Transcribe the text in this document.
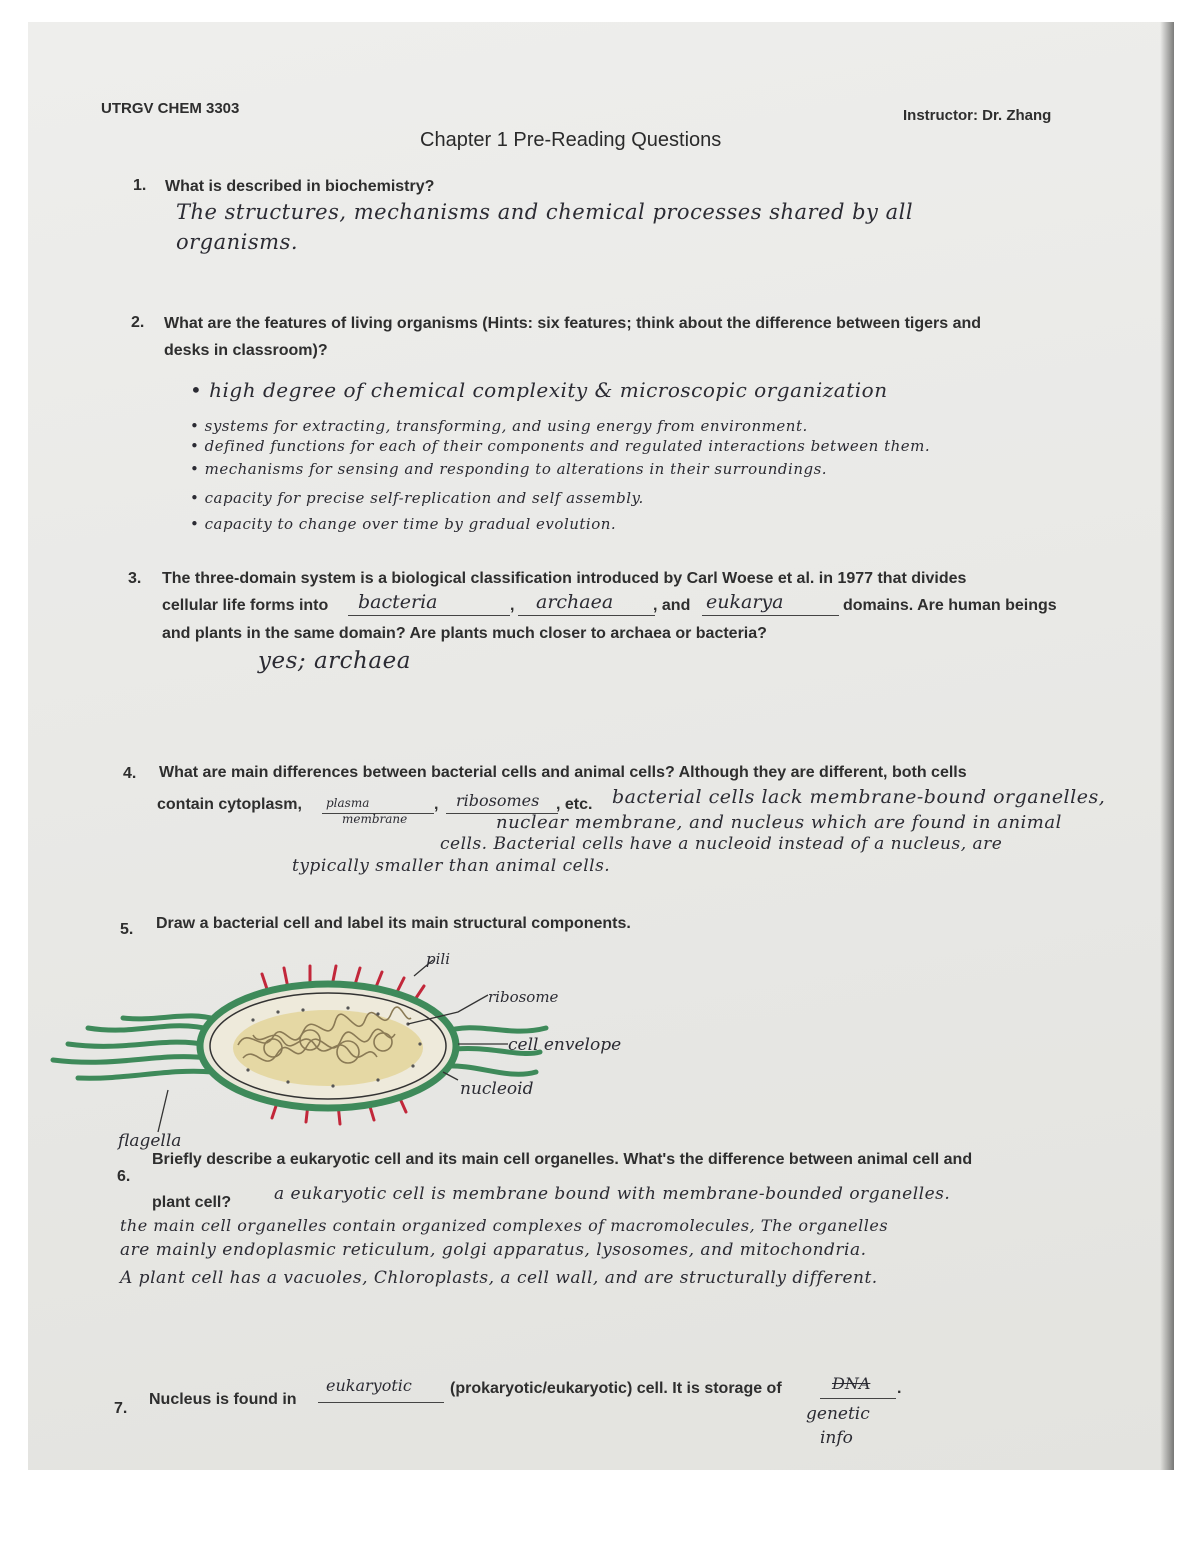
UTRGV CHEM 3303	Instructor: Dr. Zhang
Chapter 1 Pre-Reading Questions
1. What is described in biochemistry?
The structures, mechanisms and chemical processes shared by all
organisms.
2. What are the features of living organisms (Hints: six features; think about the difference between tigers and
desks in classroom)?
• high degree of chemical complexity & microscopic organization
• systems for extracting, transforming, and using energy from environment.
• defined functions for each of their components and regulated interactions between them.
• mechanisms for sensing and responding to alterations in their surroundings.
• capacity for precise self-replication and self assembly.
• capacity to change over time by gradual evolution.
3. The three-domain system is a biological classification introduced by Carl Woese et al. in 1977 that divides
cellular life forms into bacteria	, archaea , and eukarya	domains. Are human beings
and plants in the same domain? Are plants much closer to archaea or bacteria?
yes; archaea
4. What are main differences between bacterial cells and animal cells? Although they are different, both cells
contain cytoplasm, plasma
membrane
, ribosomes , etc. bacterial cells lack membrane-bound organelles,
nuclear membrane, and nucleus which are found in animal
cells. Bacterial cells have a nucleoid instead of a nucleus, are
typically smaller than animal cells.
5. Draw a bacterial cell and label its main structural components.
pili
ribosome
cell envelope
nucleoid
flagella
6.
Briefly describe a eukaryotic cell and its main cell organelles. What's the difference between animal cell and
plant cell?	a eukaryotic cell is membrane bound with membrane-bounded organelles.
the main cell organelles contain organized complexes of macromolecules, The organelles
are mainly endoplasmic reticulum, golgi apparatus, lysosomes, and mitochondria.
A plant cell has a vacuoles, Chloroplasts, a cell wall, and are structurally different.
7.
Nucleus is found in
eukaryotic (prokaryotic/eukaryotic) cell. It is storage of	DNA .
genetic
info
